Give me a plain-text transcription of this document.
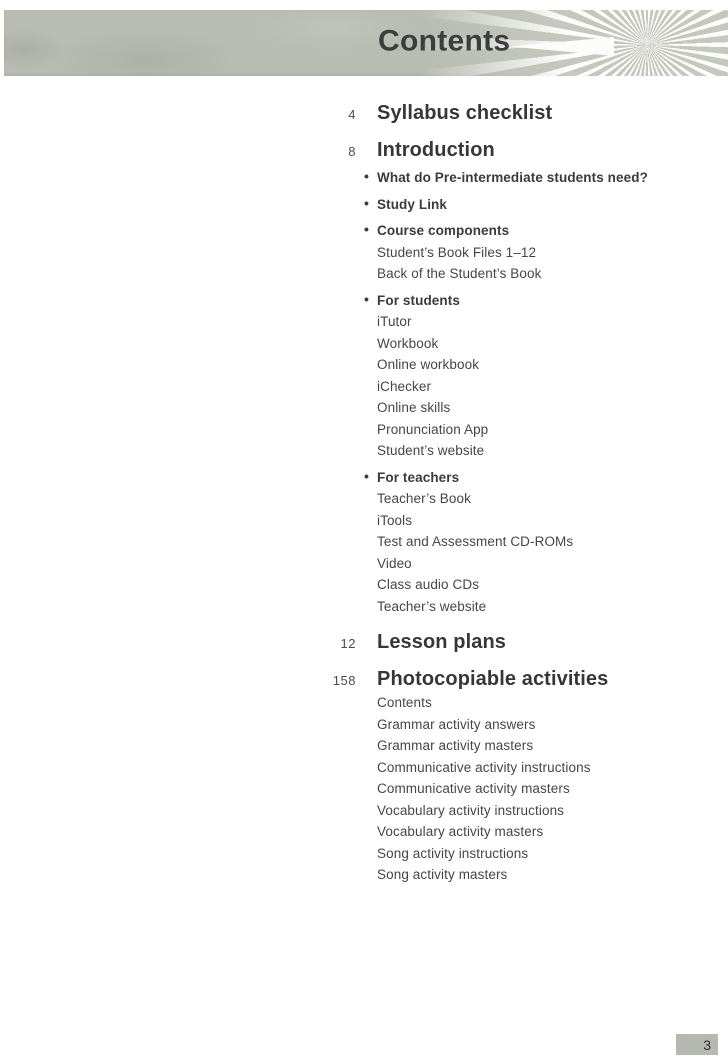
Contents
4 Syllabus checklist
8 Introduction
• What do Pre-intermediate students need?
• Study Link
• Course components
Student’s Book Files 1–12
Back of the Student’s Book
• For students
iTutor
Workbook
Online workbook
iChecker
Online skills
Pronunciation App
Student’s website
• For teachers
Teacher’s Book
iTools
Test and Assessment CD-ROMs
Video
Class audio CDs
Teacher’s website
12 Lesson plans
158 Photocopiable activities
Contents
Grammar activity answers
Grammar activity masters
Communicative activity instructions
Communicative activity masters
Vocabulary activity instructions
Vocabulary activity masters
Song activity instructions
Song activity masters
3
